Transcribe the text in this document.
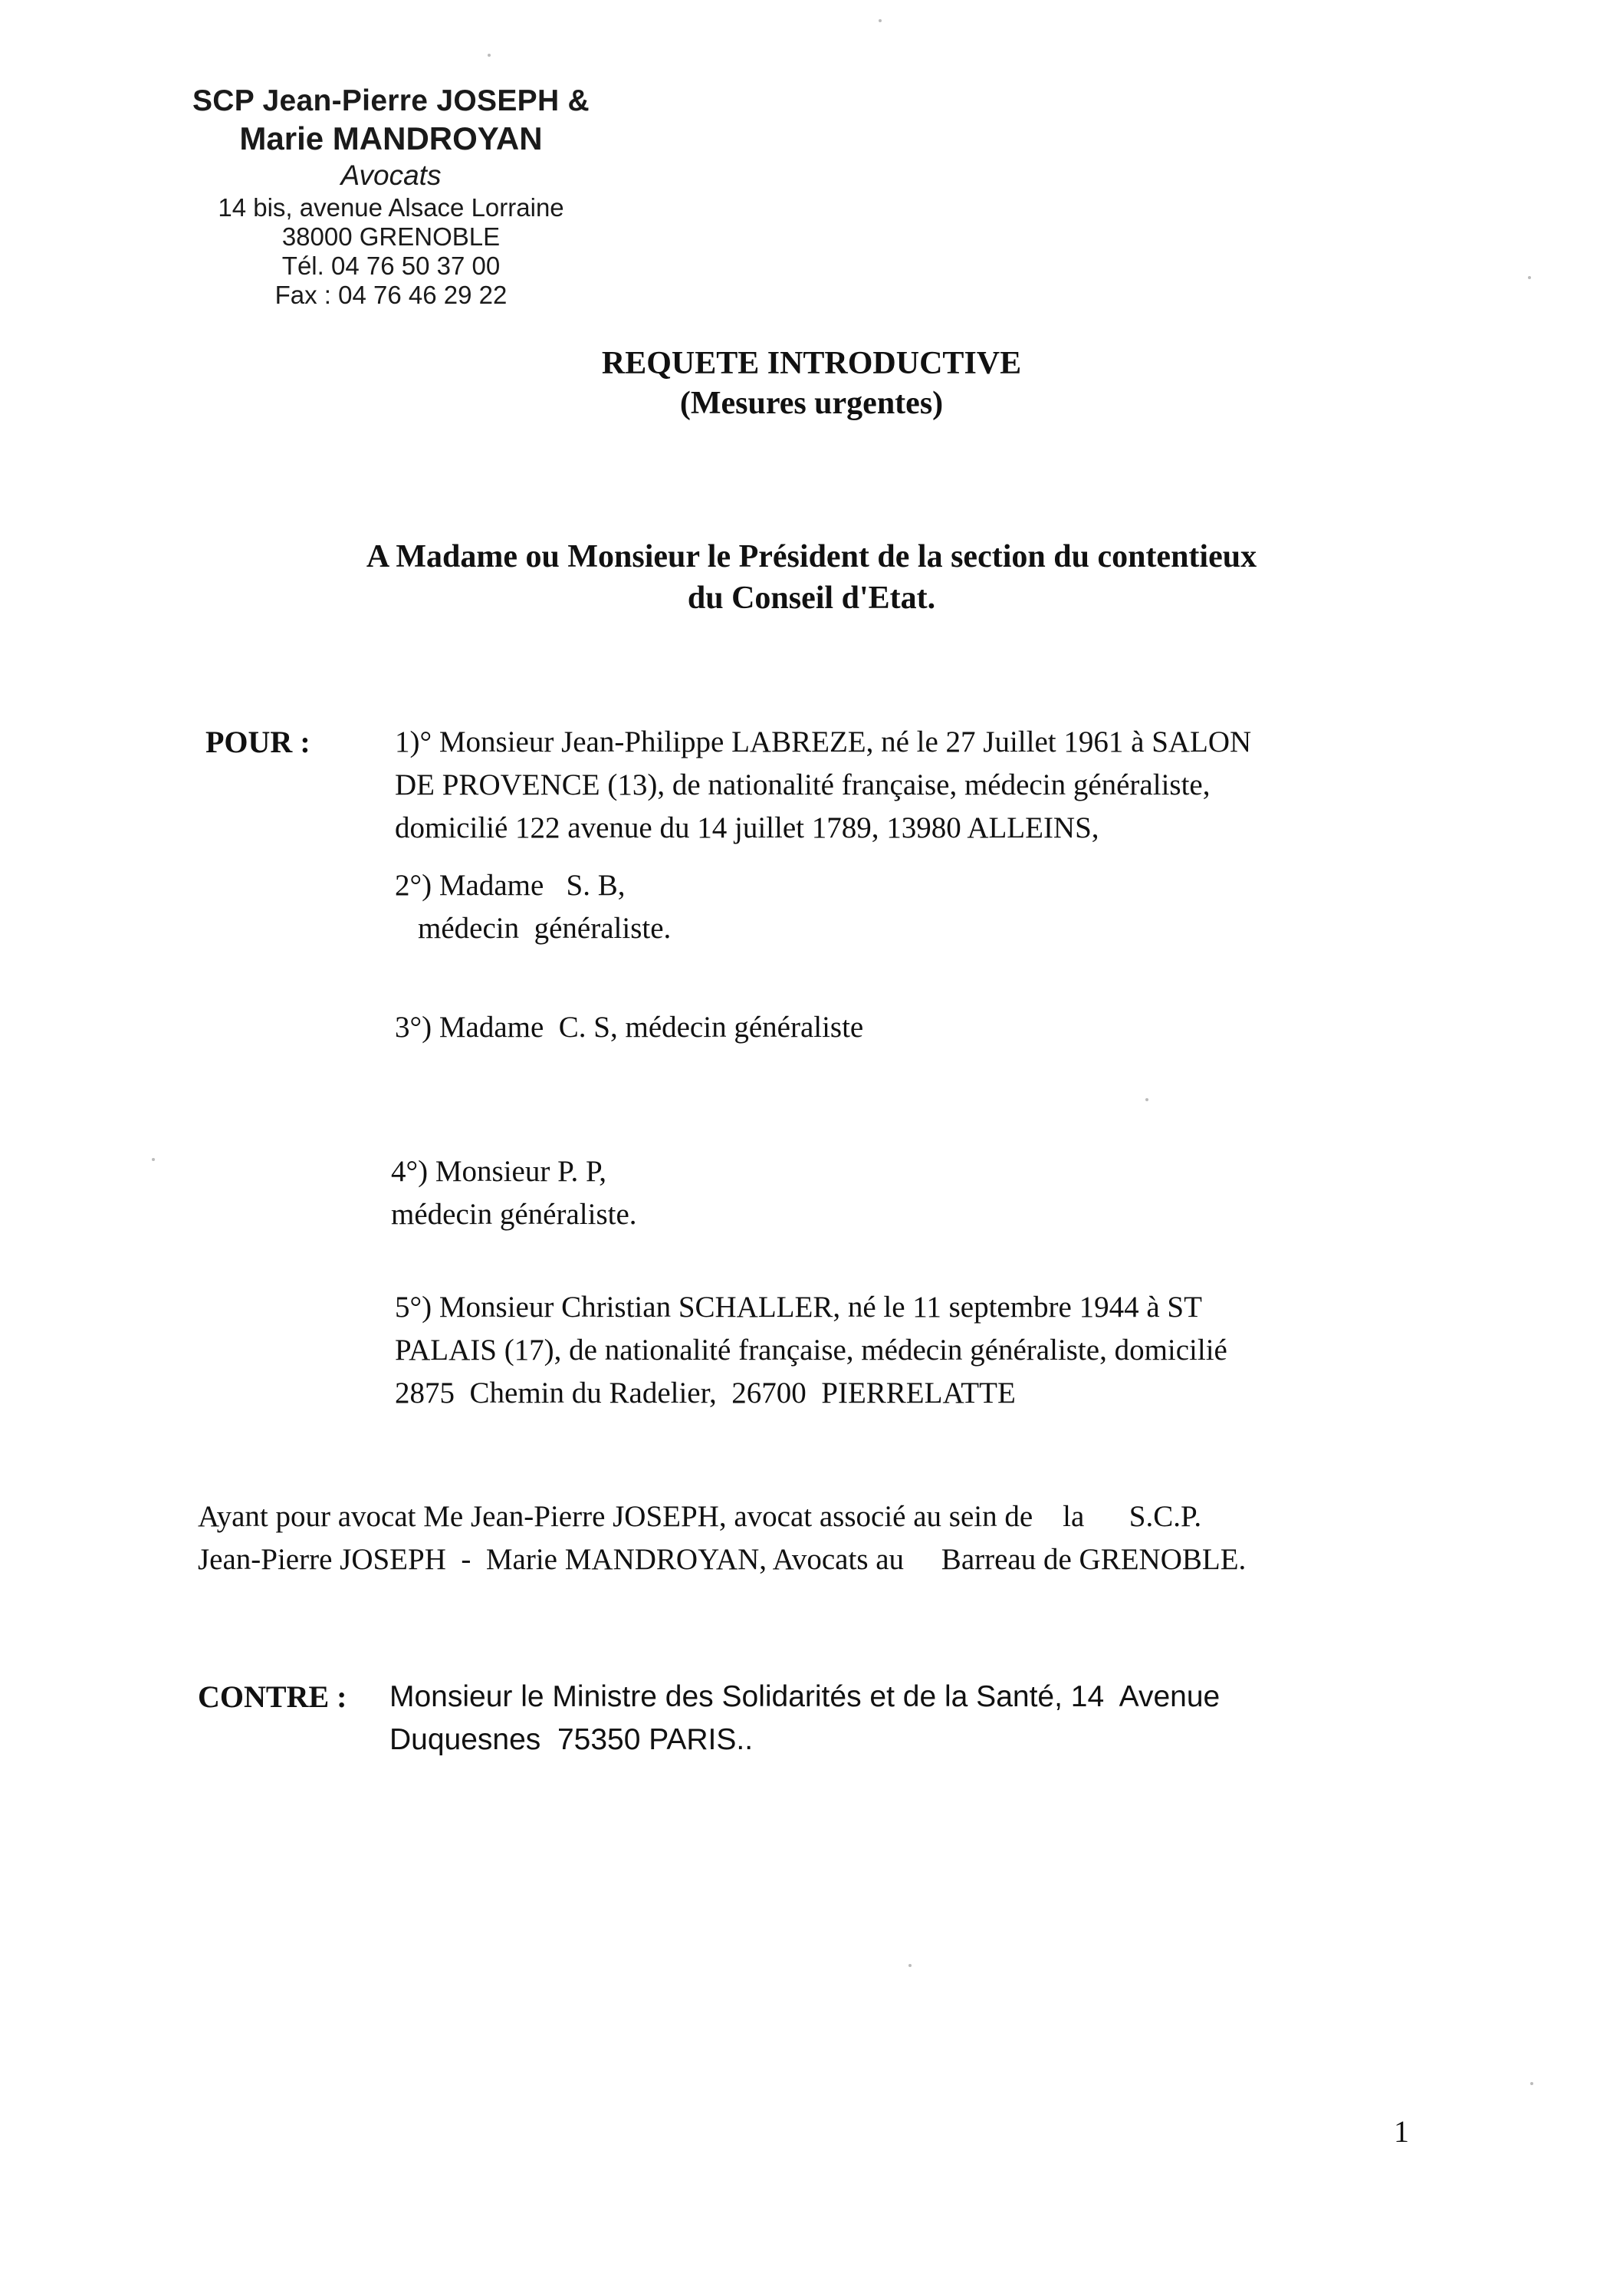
SCP Jean-Pierre JOSEPH &
Marie MANDROYAN
Avocats
14 bis, avenue Alsace Lorraine
38000 GRENOBLE
Tél. 04 76 50 37 00
Fax : 04 76 46 29 22
REQUETE INTRODUCTIVE
(Mesures urgentes)
A Madame ou Monsieur le Président de la section du contentieux
du Conseil d'Etat.
POUR :	1)° Monsieur Jean-Philippe LABREZE, né le 27 Juillet 1961 à SALON
DE PROVENCE (13), de nationalité française, médecin généraliste,
domicilié 122 avenue du 14 juillet 1789, 13980 ALLEINS,
2°) Madame   S. B,
médecin  généraliste.
3°) Madame  C. S, médecin généraliste
4°) Monsieur P. P,
médecin généraliste.
5°) Monsieur Christian SCHALLER, né le 11 septembre 1944 à ST
PALAIS (17), de nationalité française, médecin généraliste, domicilié
2875  Chemin du Radelier,  26700  PIERRELATTE
Ayant pour avocat Me Jean-Pierre JOSEPH, avocat associé au sein de    la      S.C.P.
Jean-Pierre JOSEPH  -  Marie MANDROYAN, Avocats au     Barreau de GRENOBLE.
CONTRE : Monsieur le Ministre des Solidarités et de la Santé, 14  Avenue
Duquesnes  75350 PARIS..
1
